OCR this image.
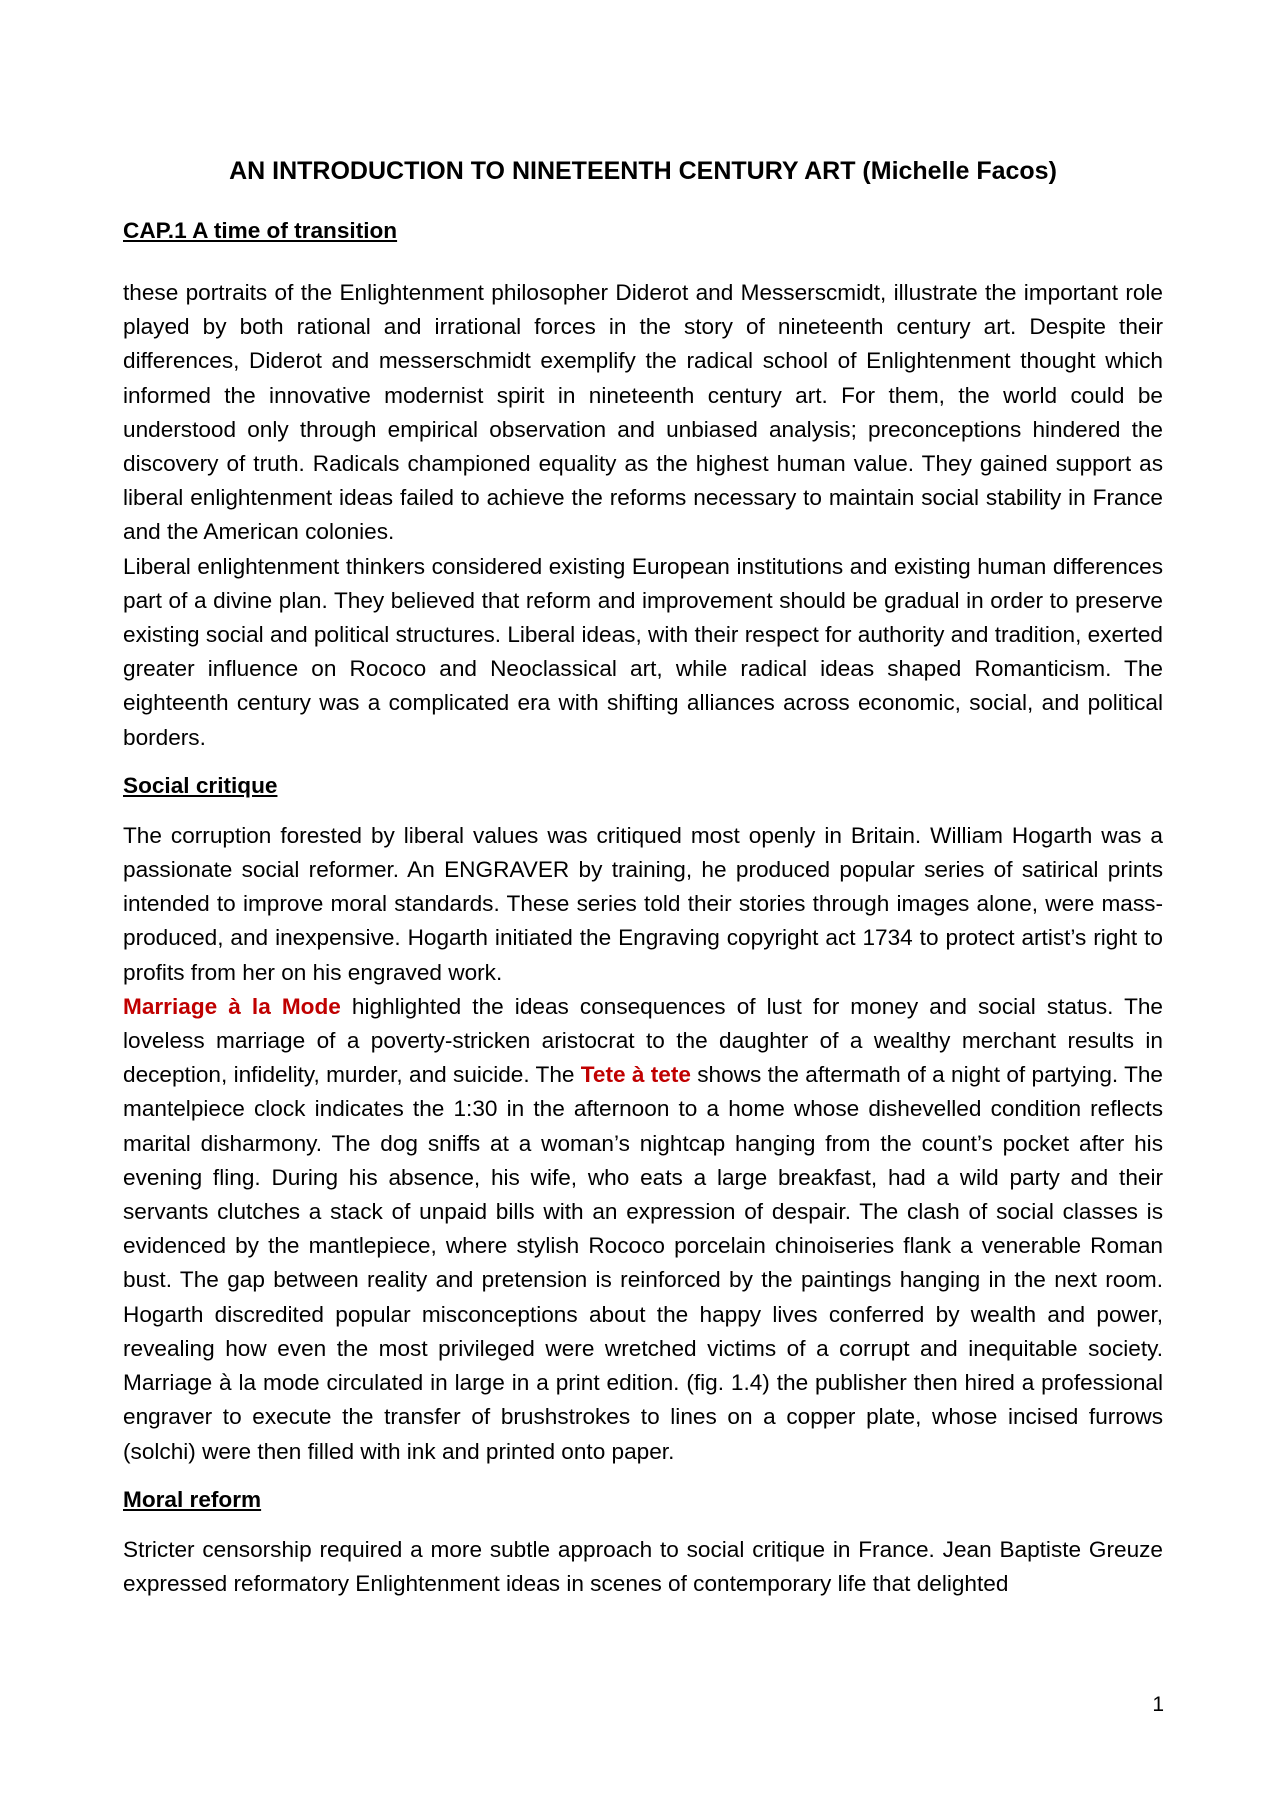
AN INTRODUCTION TO NINETEENTH CENTURY ART (Michelle Facos)
CAP.1 A time of transition

these portraits of the Enlightenment philosopher Diderot and Messerscmidt, illustrate the important role played by both rational and irrational forces in the story of nineteenth century art. Despite their differences, Diderot and messerschmidt exemplify the radical school of Enlightenment thought which informed the innovative modernist spirit in nineteenth century art. For them, the world could be understood only through empirical observation and unbiased analysis; preconceptions hindered the discovery of truth. Radicals championed equality as the highest human value. They gained support as liberal enlightenment ideas failed to achieve the reforms necessary to maintain social stability in France and the American colonies.

Liberal enlightenment thinkers considered existing European institutions and existing human differences part of a divine plan. They believed that reform and improvement should be gradual in order to preserve existing social and political structures. Liberal ideas, with their respect for authority and tradition, exerted greater influence on Rococo and Neoclassical art, while radical ideas shaped Romanticism. The eighteenth century was a complicated era with shifting alliances across economic, social, and political borders.

Social critique

The corruption forested by liberal values was critiqued most openly in Britain. William Hogarth was a passionate social reformer. An ENGRAVER by training, he produced popular series of satirical prints intended to improve moral standards. These series told their stories through images alone, were mass-produced, and inexpensive. Hogarth initiated the Engraving copyright act 1734 to protect artist’s right to profits from her on his engraved work.

Marriage à la Mode highlighted the ideas consequences of lust for money and social status. The loveless marriage of a poverty-stricken aristocrat to the daughter of a wealthy merchant results in deception, infidelity, murder, and suicide. The Tete à tete shows the aftermath of a night of partying. The mantelpiece clock indicates the 1:30 in the afternoon to a home whose dishevelled condition reflects marital disharmony. The dog sniffs at a woman’s nightcap hanging from the count’s pocket after his evening fling. During his absence, his wife, who eats a large breakfast, had a wild party and their servants clutches a stack of unpaid bills with an expression of despair. The clash of social classes is evidenced by the mantlepiece, where stylish Rococo porcelain chinoiseries flank a venerable Roman bust. The gap between reality and pretension is reinforced by the paintings hanging in the next room. Hogarth discredited popular misconceptions about the happy lives conferred by wealth and power, revealing how even the most privileged were wretched victims of a corrupt and inequitable society. Marriage à la mode circulated in large in a print edition. (fig. 1.4) the publisher then hired a professional engraver to execute the transfer of brushstrokes to lines on a copper plate, whose incised furrows (solchi) were then filled with ink and printed onto paper.

Moral reform

Stricter censorship required a more subtle approach to social critique in France. Jean Baptiste Greuze expressed reformatory Enlightenment ideas in scenes of contemporary life that delighted

1
